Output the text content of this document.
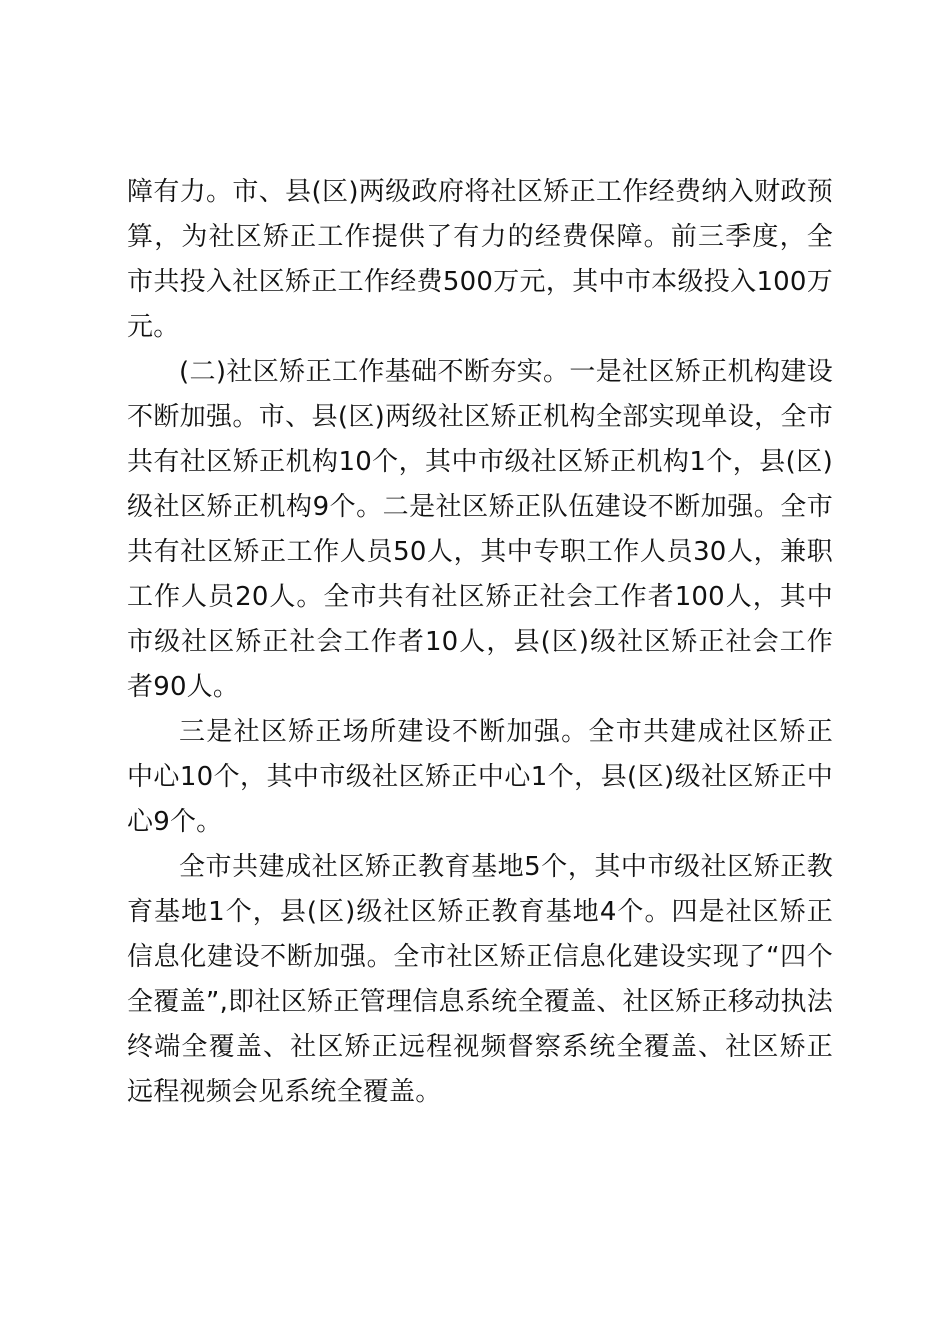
障有力。市、县(区)两级政府将社区矫正工作经费纳入财政预算，为社区矫正工作提供了有力的经费保障。前三季度，全市共投入社区矫正工作经费500万元，其中市本级投入100万元。

(二)社区矫正工作基础不断夯实。一是社区矫正机构建设不断加强。市、县(区)两级社区矫正机构全部实现单设，全市共有社区矫正机构10个，其中市级社区矫正机构1个，县(区)级社区矫正机构9个。二是社区矫正队伍建设不断加强。全市共有社区矫正工作人员50人，其中专职工作人员30人，兼职工作人员20人。全市共有社区矫正社会工作者100人，其中市级社区矫正社会工作者10人，县(区)级社区矫正社会工作者90人。

三是社区矫正场所建设不断加强。全市共建成社区矫正中心10个，其中市级社区矫正中心1个，县(区)级社区矫正中心9个。

全市共建成社区矫正教育基地5个，其中市级社区矫正教育基地1个，县(区)级社区矫正教育基地4个。四是社区矫正信息化建设不断加强。全市社区矫正信息化建设实现了“四个全覆盖”,即社区矫正管理信息系统全覆盖、社区矫正移动执法终端全覆盖、社区矫正远程视频督察系统全覆盖、社区矫正远程视频会见系统全覆盖。
